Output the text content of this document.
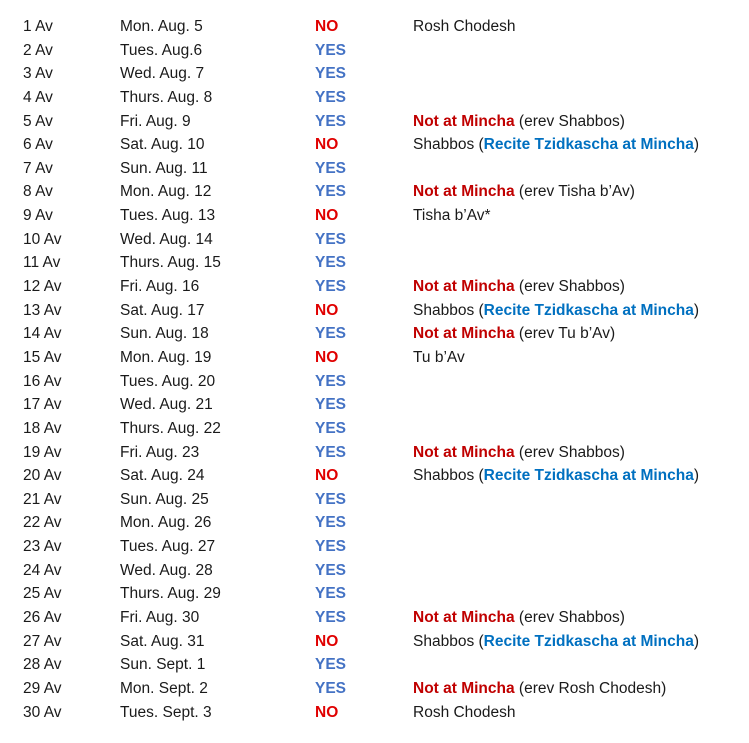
1 Av	Mon. Aug. 5	NO	Rosh Chodesh
2 Av	Tues. Aug.6	YES
3 Av	Wed. Aug. 7	YES
4 Av	Thurs. Aug. 8	YES
5 Av	Fri. Aug. 9	YES	Not at Mincha (erev Shabbos)
6 Av	Sat. Aug. 10	NO	Shabbos (Recite Tzidkascha at Mincha)
7 Av	Sun. Aug. 11	YES
8 Av	Mon. Aug. 12	YES	Not at Mincha (erev Tisha b’Av)
9 Av	Tues. Aug. 13	NO	Tisha b’Av*
10 Av	Wed. Aug. 14	YES
11 Av	Thurs. Aug. 15	YES
12 Av	Fri. Aug. 16	YES	Not at Mincha (erev Shabbos)
13 Av	Sat. Aug. 17	NO	Shabbos (Recite Tzidkascha at Mincha)
14 Av	Sun. Aug. 18	YES	Not at Mincha (erev Tu b’Av)
15 Av	Mon. Aug. 19	NO	Tu b’Av
16 Av	Tues. Aug. 20	YES
17 Av	Wed. Aug. 21	YES
18 Av	Thurs. Aug. 22	YES
19 Av	Fri. Aug. 23	YES	Not at Mincha (erev Shabbos)
20 Av	Sat. Aug. 24	NO	Shabbos (Recite Tzidkascha at Mincha)
21 Av	Sun. Aug. 25	YES
22 Av	Mon. Aug. 26	YES
23 Av	Tues. Aug. 27	YES
24 Av	Wed. Aug. 28	YES
25 Av	Thurs. Aug. 29	YES
26 Av	Fri. Aug. 30	YES	Not at Mincha (erev Shabbos)
27 Av	Sat. Aug. 31	NO	Shabbos (Recite Tzidkascha at Mincha)
28 Av	Sun. Sept. 1	YES
29 Av	Mon. Sept. 2	YES	Not at Mincha (erev Rosh Chodesh)
30 Av	Tues. Sept. 3	NO	Rosh Chodesh
